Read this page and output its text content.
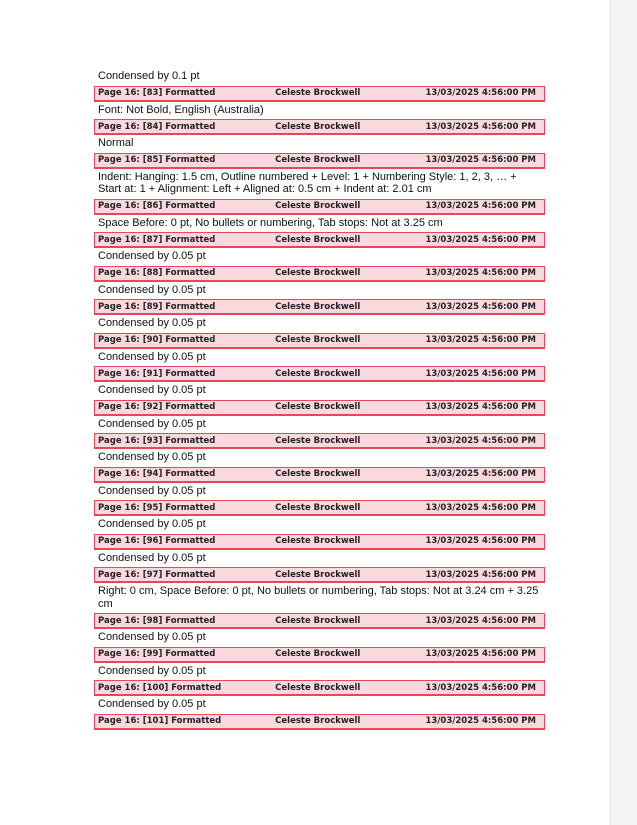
Condensed by 0.1 pt
Page 16: [83] Formatted	Celeste Brockwell	13/03/2025 4:56:00 PM
Font: Not Bold, English (Australia)
Page 16: [84] Formatted	Celeste Brockwell	13/03/2025 4:56:00 PM
Normal
Page 16: [85] Formatted	Celeste Brockwell	13/03/2025 4:56:00 PM
Indent: Hanging: 1.5 cm, Outline numbered + Level: 1 + Numbering Style: 1, 2, 3, … + Start at: 1 + Alignment: Left + Aligned at: 0.5 cm + Indent at: 2.01 cm
Page 16: [86] Formatted	Celeste Brockwell	13/03/2025 4:56:00 PM
Space Before: 0 pt, No bullets or numbering, Tab stops: Not at 3.25 cm
Page 16: [87] Formatted	Celeste Brockwell	13/03/2025 4:56:00 PM
Condensed by 0.05 pt
Page 16: [88] Formatted	Celeste Brockwell	13/03/2025 4:56:00 PM
Condensed by 0.05 pt
Page 16: [89] Formatted	Celeste Brockwell	13/03/2025 4:56:00 PM
Condensed by 0.05 pt
Page 16: [90] Formatted	Celeste Brockwell	13/03/2025 4:56:00 PM
Condensed by 0.05 pt
Page 16: [91] Formatted	Celeste Brockwell	13/03/2025 4:56:00 PM
Condensed by 0.05 pt
Page 16: [92] Formatted	Celeste Brockwell	13/03/2025 4:56:00 PM
Condensed by 0.05 pt
Page 16: [93] Formatted	Celeste Brockwell	13/03/2025 4:56:00 PM
Condensed by 0.05 pt
Page 16: [94] Formatted	Celeste Brockwell	13/03/2025 4:56:00 PM
Condensed by 0.05 pt
Page 16: [95] Formatted	Celeste Brockwell	13/03/2025 4:56:00 PM
Condensed by 0.05 pt
Page 16: [96] Formatted	Celeste Brockwell	13/03/2025 4:56:00 PM
Condensed by 0.05 pt
Page 16: [97] Formatted	Celeste Brockwell	13/03/2025 4:56:00 PM
Right: 0 cm, Space Before: 0 pt, No bullets or numbering, Tab stops: Not at 3.24 cm + 3.25 cm
Page 16: [98] Formatted	Celeste Brockwell	13/03/2025 4:56:00 PM
Condensed by 0.05 pt
Page 16: [99] Formatted	Celeste Brockwell	13/03/2025 4:56:00 PM
Condensed by 0.05 pt
Page 16: [100] Formatted	Celeste Brockwell	13/03/2025 4:56:00 PM
Condensed by 0.05 pt
Page 16: [101] Formatted	Celeste Brockwell	13/03/2025 4:56:00 PM
